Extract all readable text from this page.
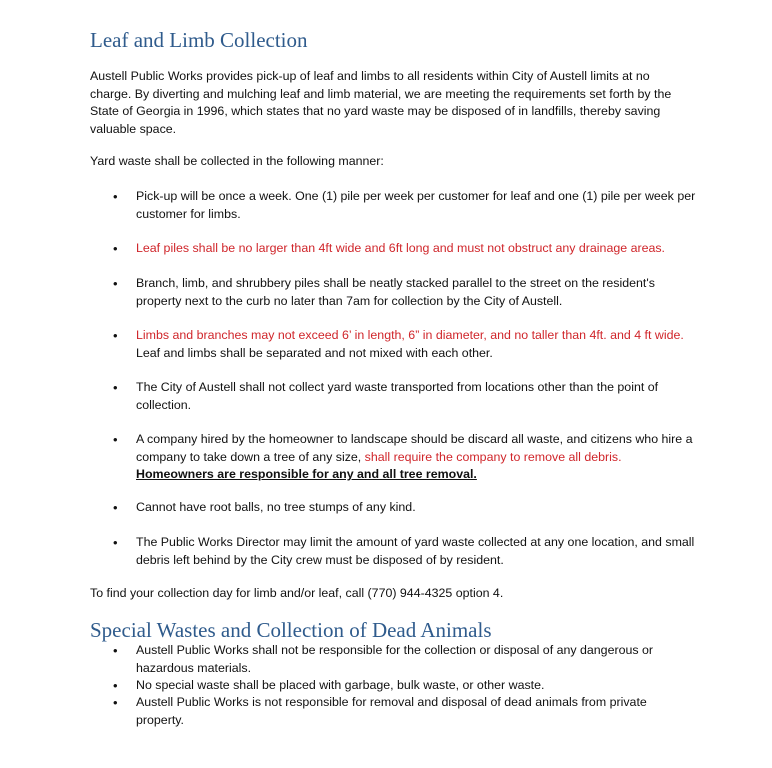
Leaf and Limb Collection

Austell Public Works provides pick-up of leaf and limbs to all residents within City of Austell limits at no charge. By diverting and mulching leaf and limb material, we are meeting the requirements set forth by the State of Georgia in 1996, which states that no yard waste may be disposed of in landfills, thereby saving valuable space.

Yard waste shall be collected in the following manner:

•	Pick-up will be once a week. One (1) pile per week per customer for leaf and one (1) pile per week per customer for limbs.
•	Leaf piles shall be no larger than 4ft wide and 6ft long and must not obstruct any drainage areas.
•	Branch, limb, and shrubbery piles shall be neatly stacked parallel to the street on the resident's property next to the curb no later than 7am for collection by the City of Austell.
•	Limbs and branches may not exceed 6’ in length, 6” in diameter, and no taller than 4ft. and 4 ft wide. Leaf and limbs shall be separated and not mixed with each other.
•	The City of Austell shall not collect yard waste transported from locations other than the point of collection.
•	A company hired by the homeowner to landscape should be discard all waste, and citizens who hire a company to take down a tree of any size, shall require the company to remove all debris.
Homeowners are responsible for any and all tree removal.
•	Cannot have root balls, no tree stumps of any kind.
•	The Public Works Director may limit the amount of yard waste collected at any one location, and small debris left behind by the City crew must be disposed of by resident.

To find your collection day for limb and/or leaf, call (770) 944-4325 option 4.

Special Wastes and Collection of Dead Animals
•	Austell Public Works shall not be responsible for the collection or disposal of any dangerous or hazardous materials.
•	No special waste shall be placed with garbage, bulk waste, or other waste.
•	Austell Public Works is not responsible for removal and disposal of dead animals from private property.
